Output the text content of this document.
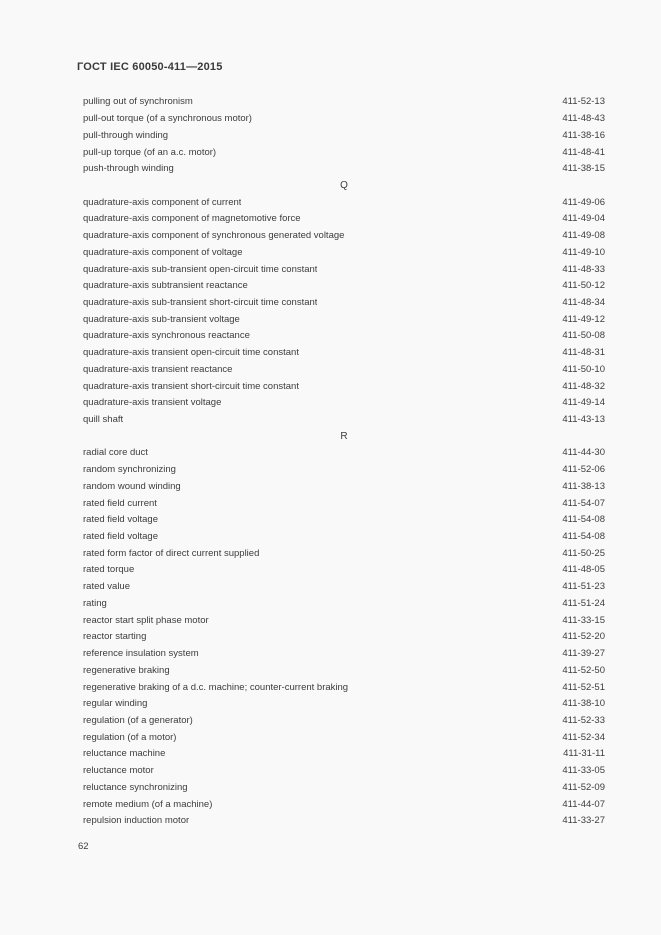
ГОСТ IEC 60050-411—2015
pulling out of synchronism	411-52-13
pull-out torque (of a synchronous motor)	411-48-43
pull-through winding	411-38-16
pull-up torque (of an a.c. motor)	411-48-41
push-through winding	411-38-15
Q
quadrature-axis component of current	411-49-06
quadrature-axis component of magnetomotive force	411-49-04
quadrature-axis component of synchronous generated voltage	411-49-08
quadrature-axis component of voltage	411-49-10
quadrature-axis sub-transient open-circuit time constant	411-48-33
quadrature-axis subtransient reactance	411-50-12
quadrature-axis sub-transient short-circuit time constant	411-48-34
quadrature-axis sub-transient voltage	411-49-12
quadrature-axis synchronous reactance	411-50-08
quadrature-axis transient open-circuit time constant	411-48-31
quadrature-axis transient reactance	411-50-10
quadrature-axis transient short-circuit time constant	411-48-32
quadrature-axis transient voltage	411-49-14
quill shaft	411-43-13
R
radial core duct	411-44-30
random synchronizing	411-52-06
random wound winding	411-38-13
rated field current	411-54-07
rated field voltage	411-54-08
rated field voltage	411-54-08
rated form factor of direct current supplied	411-50-25
rated torque	411-48-05
rated value	411-51-23
rating	411-51-24
reactor start split phase motor	411-33-15
reactor starting	411-52-20
reference insulation system	411-39-27
regenerative braking	411-52-50
regenerative braking of a d.c. machine; counter-current braking	411-52-51
regular winding	411-38-10
regulation (of a generator)	411-52-33
regulation (of a motor)	411-52-34
reluctance machine	411-31-11
reluctance motor	411-33-05
reluctance synchronizing	411-52-09
remote medium (of a machine)	411-44-07
repulsion induction motor	411-33-27
62
